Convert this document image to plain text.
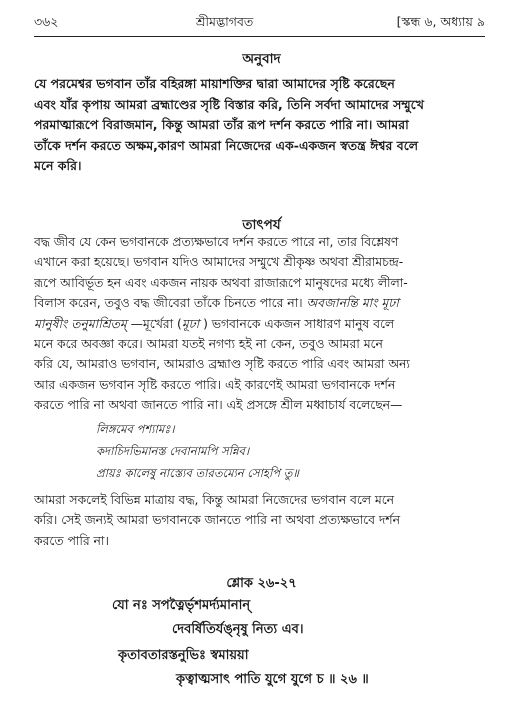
৩৬২	শ্রীমদ্ভাগবত	[স্কন্ধ ৬, অধ্যায় ৯
অনুবাদ
যে পরমেশ্বর ভগবান তাঁর বহিরঙ্গা মায়াশক্তির দ্বারা আমাদের সৃষ্টি করেছেন
এবং যাঁর কৃপায় আমরা ব্রহ্মাণ্ডের সৃষ্টি বিস্তার করি, তিনি সর্বদা আমাদের সম্মুখে
পরমাত্মারূপে বিরাজমান, কিন্তু আমরা তাঁর রূপ দর্শন করতে পারি না। আমরা
তাঁকে দর্শন করতে অক্ষম,কারণ আমরা নিজেদের এক-একজন স্বতন্ত্র ঈশ্বর বলে
মনে করি।
তাৎপর্য
বদ্ধ জীব যে কেন ভগবানকে প্রত্যক্ষভাবে দর্শন করতে পারে না, তার বিশ্লেষণ
এখানে করা হয়েছে। ভগবান যদিও আমাদের সম্মুখে শ্রীকৃষ্ণ অথবা শ্রীরামচন্দ্র-
রূপে আবির্ভূত হন এবং একজন নায়ক অথবা রাজারূপে মানুষদের মধ্যে লীলা-
বিলাস করেন, তবুও বদ্ধ জীবেরা তাঁকে চিনতে পারে না। অবজানন্তি মাং মূঢা
মানুষীং তনুমাশ্রিতম্ —মূর্খেরা (মূঢা ) ভগবানকে একজন সাধারণ মানুষ বলে
মনে করে অবজ্ঞা করে। আমরা যতই নগণ্য হই না কেন, তবুও আমরা মনে
করি যে, আমরাও ভগবান, আমরাও ব্রহ্মাণ্ড সৃষ্টি করতে পারি এবং আমরা অন্য
আর একজন ভগবান সৃষ্টি করতে পারি। এই কারণেই আমরা ভগবানকে দর্শন
করতে পারি না অথবা জানতে পারি না। এই প্রসঙ্গে শ্রীল মধ্বাচার্য বলেছেন—
লিঙ্গমেব পশ্যামঃ।
কদাচিদভিমানস্ত দেবানামপি সন্নিব।
প্রায়ঃ কালেষু নাস্ত্যেব তারতম্যেন সোহপি তু॥
আমরা সকলেই বিভিন্ন মাত্রায় বদ্ধ, কিন্তু আমরা নিজেদের ভগবান বলে মনে
করি। সেই জন্যই আমরা ভগবানকে জানতে পারি না অথবা প্রত্যক্ষভাবে দর্শন
করতে পারি না।
শ্লোক ২৬-২৭
যো নঃ সপত্নৈর্ভৃশমর্দ্যমানান্
দেবর্ষিতির্যঙ্‌নৃষু নিত্য এব।
কৃতাবতারস্তনুভিঃ স্বমায়য়া
কৃত্বাত্মসাৎ পাতি যুগে যুগে চ ॥ ২৬ ॥
